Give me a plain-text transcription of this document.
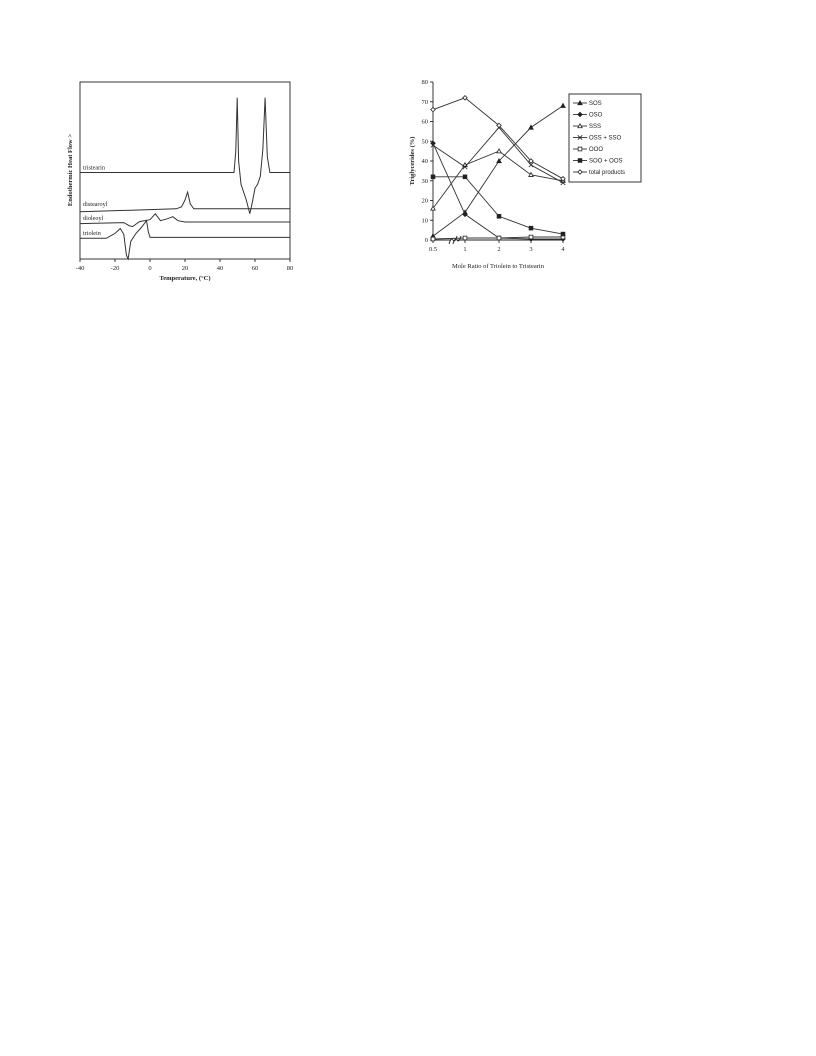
tristearin
distearoyl
dioleoyl
triolein
-40	-20	0	20	40	60	80
Temperature, (°C)
Endothermic Heat Flow >
0
10
20
30
40
50
60
70
80
0.5	1	2	3	4
Mole Ratio of Triolein to Tristearin
Triglycerides (%)
SOS
OSO
SSS
OSS + SSO
OOO
SOO + OOS
total products
